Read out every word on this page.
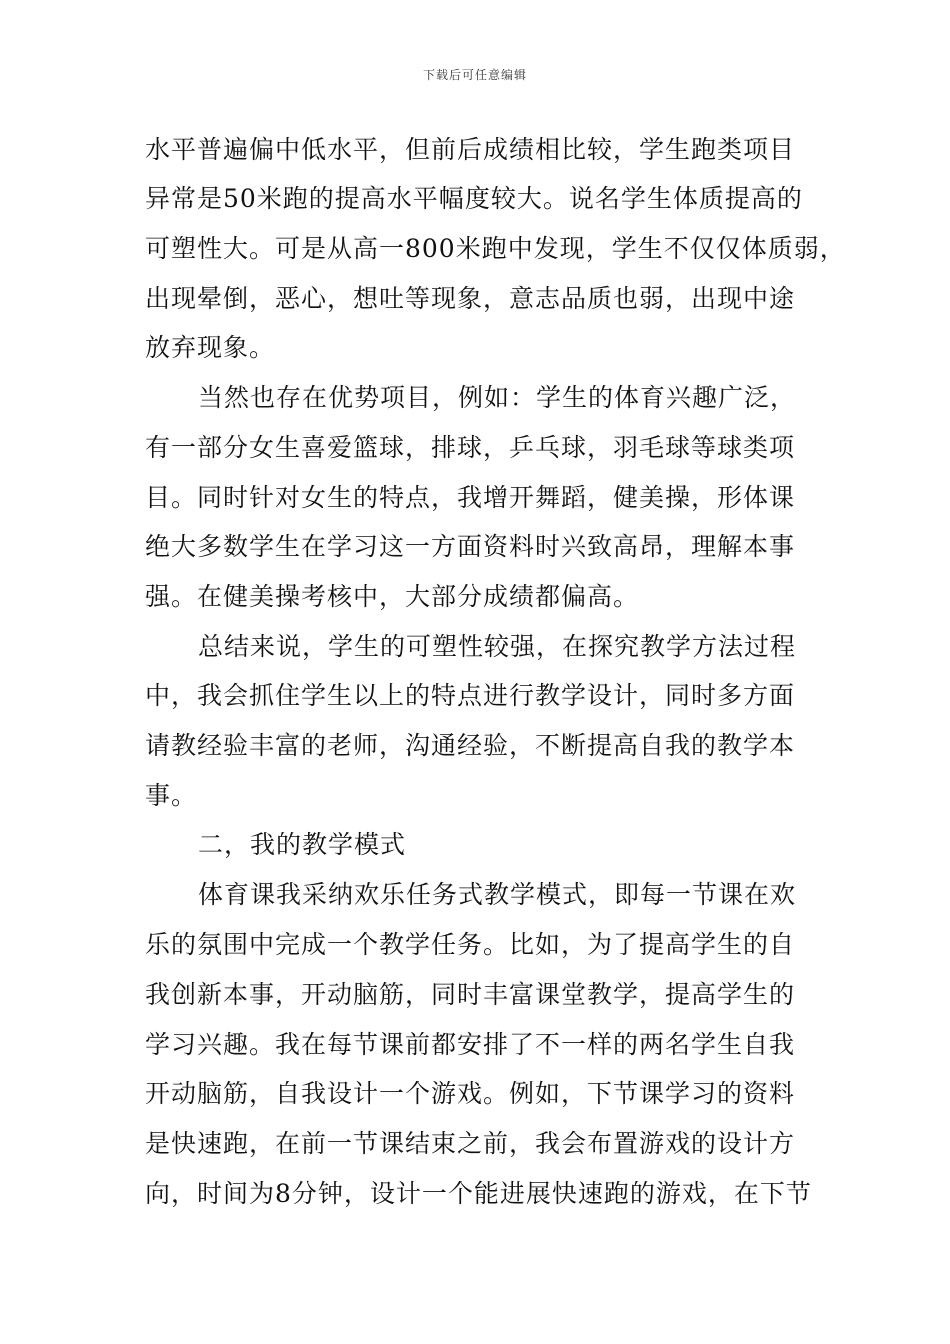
下载后可任意编辑
水平普遍偏中低水平，但前后成绩相比较，学生跑类项目
异常是50米跑的提高水平幅度较大。说名学生体质提高的
可塑性大。可是从高一800米跑中发现，学生不仅仅体质弱，
出现晕倒，恶心，想吐等现象，意志品质也弱，出现中途
放弃现象。
当然也存在优势项目，例如：学生的体育兴趣广泛，
有一部分女生喜爱篮球，排球，乒乓球，羽毛球等球类项
目。同时针对女生的特点，我增开舞蹈，健美操，形体课
绝大多数学生在学习这一方面资料时兴致高昂，理解本事
强。在健美操考核中，大部分成绩都偏高。
总结来说，学生的可塑性较强，在探究教学方法过程
中，我会抓住学生以上的特点进行教学设计，同时多方面
请教经验丰富的老师，沟通经验，不断提高自我的教学本
事。
二，我的教学模式
体育课我采纳欢乐任务式教学模式，即每一节课在欢
乐的氛围中完成一个教学任务。比如，为了提高学生的自
我创新本事，开动脑筋，同时丰富课堂教学，提高学生的
学习兴趣。我在每节课前都安排了不一样的两名学生自我
开动脑筋，自我设计一个游戏。例如，下节课学习的资料
是快速跑，在前一节课结束之前，我会布置游戏的设计方
向，时间为8分钟，设计一个能进展快速跑的游戏，在下节
